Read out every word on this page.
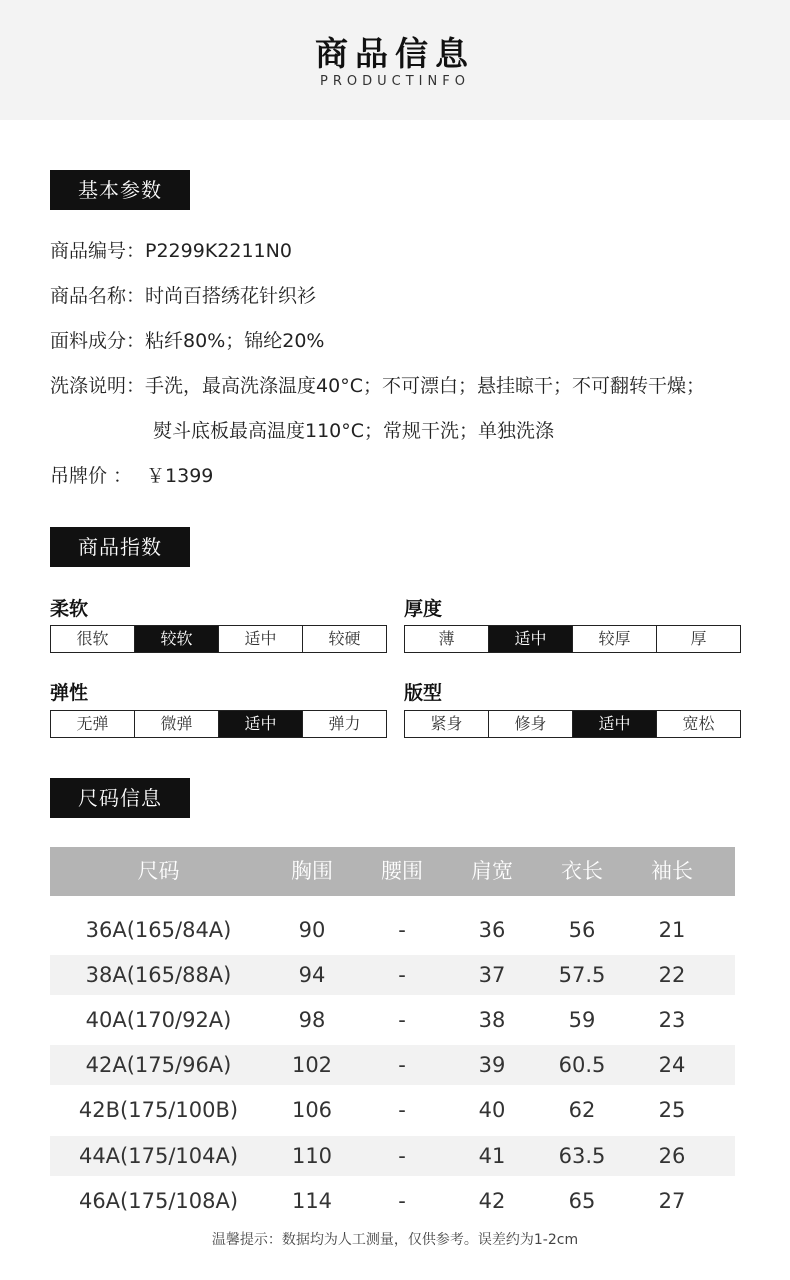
商品信息
PRODUCTINFO
基本参数
商品编号：P2299K2211N0
商品名称：时尚百搭绣花针织衫
面料成分：粘纤80%；锦纶20%
洗涤说明：手洗，最高洗涤温度40°C；不可漂白；悬挂晾干；不可翻转干燥；
熨斗底板最高温度110°C；常规干洗；单独洗涤
吊牌价 ： ￥1399
商品指数
柔软
很软	较软	适中	较硬
厚度
薄	适中	较厚	厚
弹性
无弹	微弹	适中	弹力
版型
紧身	修身	适中	宽松
尺码信息
尺码	胸围	腰围	肩宽	衣长	袖长
36A(165/84A)	90	-	36	56	21
38A(165/88A)	94	-	37	57.5	22
40A(170/92A)	98	-	38	59	23
42A(175/96A)	102	-	39	60.5	24
42B(175/100B)	106	-	40	62	25
44A(175/104A)	110	-	41	63.5	26
46A(175/108A)	114	-	42	65	27
温馨提示：数据均为人工测量，仅供参考。误差约为1-2cm
